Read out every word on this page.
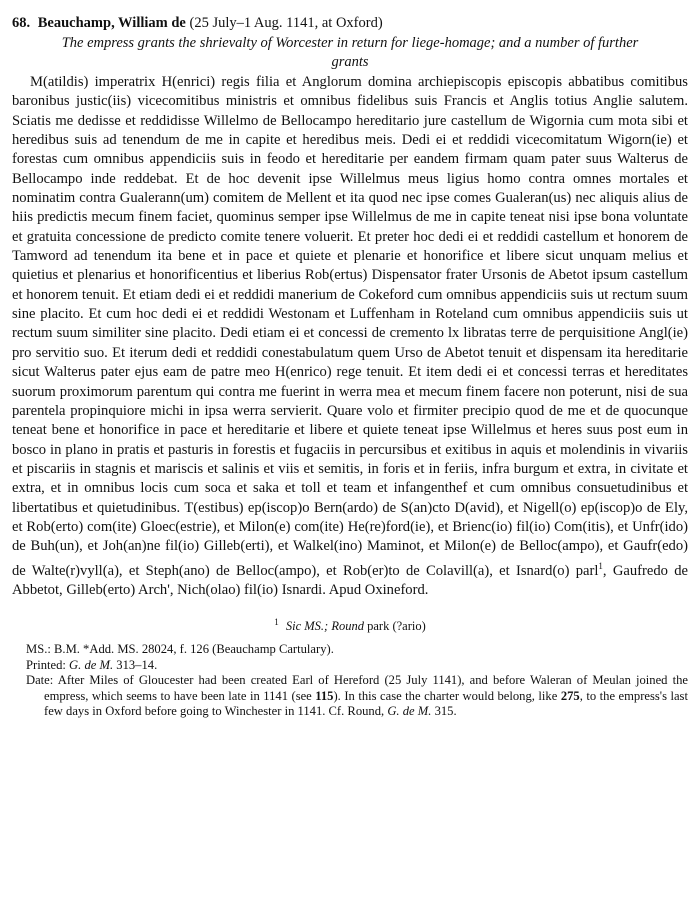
68. Beauchamp, William de (25 July–1 Aug. 1141, at Oxford)
The empress grants the shrievalty of Worcester in return for liege-homage; and a number of further grants
M(atildis) imperatrix H(enrici) regis filia et Anglorum domina archiepiscopis episcopis abbatibus comitibus baronibus justic(iis) vicecomitibus ministris et omnibus fidelibus suis Francis et Anglis totius Anglie salutem. Sciatis me dedisse et reddidisse Willelmo de Bellocampo hereditario jure castellum de Wigornia cum mota sibi et heredibus suis ad tenendum de me in capite et heredibus meis. Dedi ei et reddidi vicecomitatum Wigorn(ie) et forestas cum omnibus appendiciis suis in feodo et hereditarie per eandem firmam quam pater suus Walterus de Bellocampo inde reddebat. Et de hoc devenit ipse Willelmus meus ligius homo contra omnes mortales et nominatim contra Gualerann(um) comitem de Mellent et ita quod nec ipse comes Gualeran(us) nec aliquis alius de hiis predictis mecum finem faciet, quominus semper ipse Willelmus de me in capite teneat nisi ipse bona voluntate et gratuita concessione de predicto comite tenere voluerit. Et preter hoc dedi ei et reddidi castellum et honorem de Tamword ad tenendum ita bene et in pace et quiete et plenarie et honorifice et libere sicut unquam melius et quietius et plenarius et honorificentius et liberius Rob(ertus) Dispensator frater Ursonis de Abetot ipsum castellum et honorem tenuit. Et etiam dedi ei et reddidi manerium de Cokeford cum omnibus appendiciis suis ut rectum suum sine placito. Et cum hoc dedi ei et reddidi Westonam et Luffenham in Roteland cum omnibus appendiciis suis ut rectum suum similiter sine placito. Dedi etiam ei et concessi de cremento lx libratas terre de perquisitione Angl(ie) pro servitio suo. Et iterum dedi et reddidi conestabulatum quem Urso de Abetot tenuit et dispensam ita hereditarie sicut Walterus pater ejus eam de patre meo H(enrico) rege tenuit. Et item dedi ei et concessi terras et hereditates suorum proximorum parentum qui contra me fuerint in werra mea et mecum finem facere non poterunt, nisi de sua parentela propinquiore michi in ipsa werra servierit. Quare volo et firmiter precipio quod de me et de quocunque teneat bene et honorifice in pace et hereditarie et libere et quiete teneat ipse Willelmus et heres suus post eum in bosco in plano in pratis et pasturis in forestis et fugaciis in percursibus et exitibus in aquis et molendinis in vivariis et piscariis in stagnis et mariscis et salinis et viis et semitis, in foris et in feriis, infra burgum et extra, in civitate et extra, et in omnibus locis cum soca et saka et toll et team et infangenthef et cum omnibus consuetudinibus et libertatibus et quietudinibus. T(estibus) ep(iscop)o Bern(ardo) de S(an)cto D(avid), et Nigell(o) ep(iscop)o de Ely, et Rob(erto) com(ite) Gloec(estrie), et Milon(e) com(ite) He(re)ford(ie), et Brienc(io) fil(io) Com(itis), et Unfr(ido) de Buh(un), et Joh(an)ne fil(io) Gilleb(erti), et Walkel(ino) Maminot, et Milon(e) de Belloc(ampo), et Gaufr(edo) de Walte(r)vyll(a), et Steph(ano) de Belloc(ampo), et Rob(er)to de Colavill(a), et Isnard(o) parl$^1$, Gaufredo de Abbetot, Gilleb(erto) Arch', Nich(olao) fil(io) Isnardi. Apud Oxineford.
$^1$ Sic MS.; Round park (?ario)
MS.: B.M. *Add. MS. 28024, f. 126 (Beauchamp Cartulary).
Printed: G. de M. 313–14.
Date: After Miles of Gloucester had been created Earl of Hereford (25 July 1141), and before Waleran of Meulan joined the empress, which seems to have been late in 1141 (see 115). In this case the charter would belong, like 275, to the empress's last few days in Oxford before going to Winchester in 1141. Cf. Round, G. de M. 315.
